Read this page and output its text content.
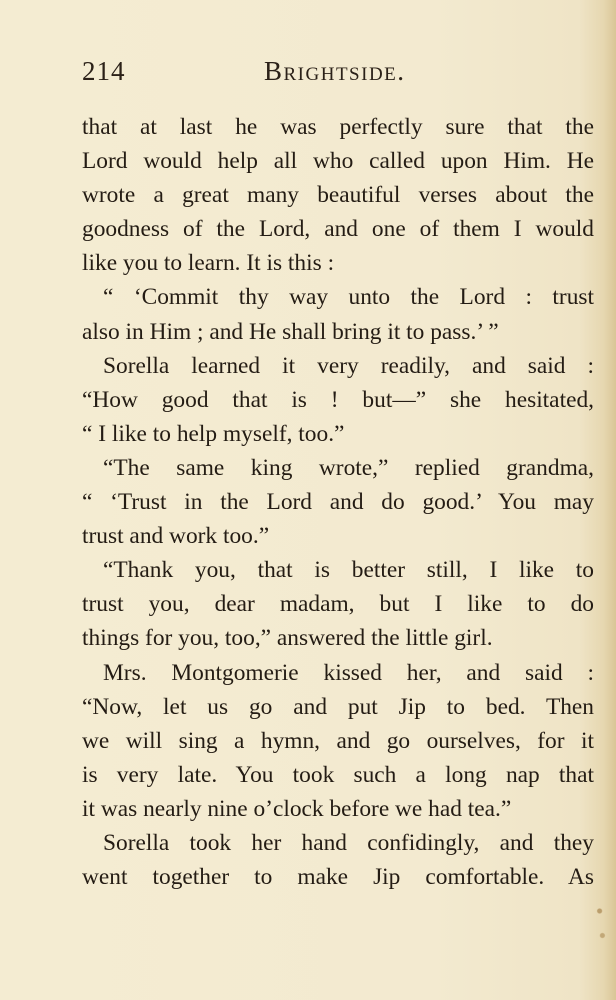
214	Brightside.
that at last he was perfectly sure that the
Lord would help all who called upon Him. He
wrote a great many beautiful verses about the
goodness of the Lord, and one of them I would
like you to learn. It is this :
“ ‘Commit thy way unto the Lord : trust
also in Him ; and He shall bring it to pass.’ ”
Sorella learned it very readily, and said :
“How good that is ! but—” she hesitated,
“ I like to help myself, too.”
“The same king wrote,” replied grandma,
“ ‘Trust in the Lord and do good.’ You may
trust and work too.”
“Thank you, that is better still, I like to
trust you, dear madam, but I like to do
things for you, too,” answered the little girl.
Mrs. Montgomerie kissed her, and said :
“Now, let us go and put Jip to bed. Then
we will sing a hymn, and go ourselves, for it
is very late. You took such a long nap that
it was nearly nine o’clock before we had tea.”
Sorella took her hand confidingly, and they
went together to make Jip comfortable. As
